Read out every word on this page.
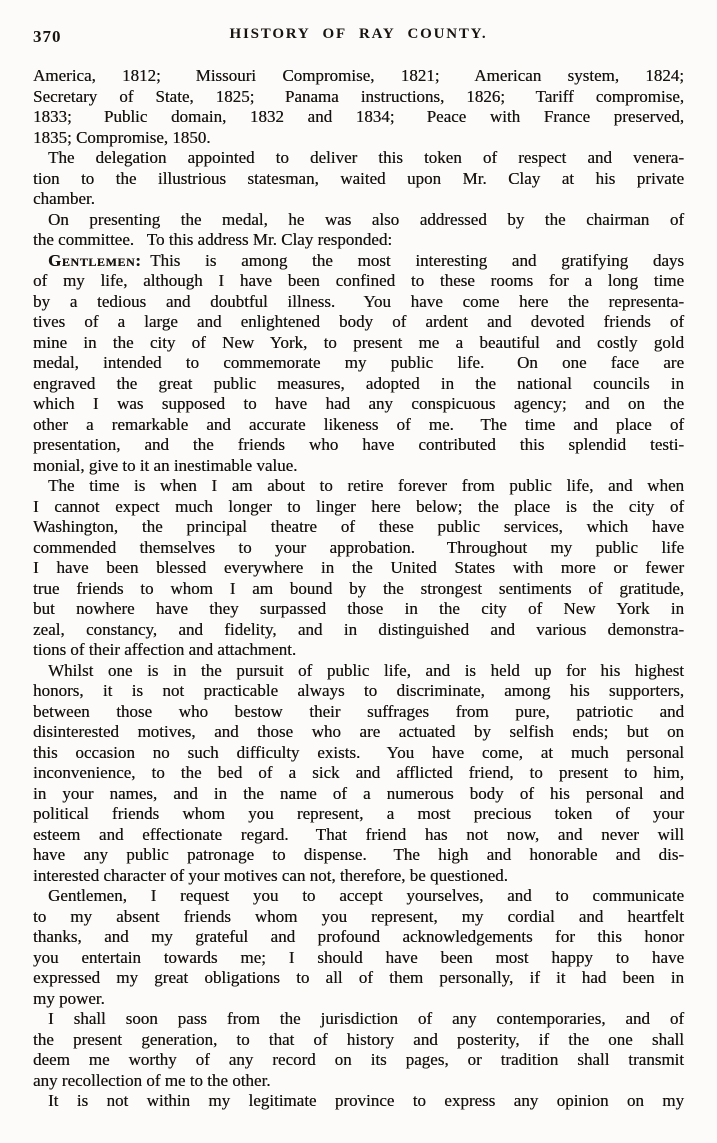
370	HISTORY OF RAY COUNTY.
America, 1812;  Missouri Compromise, 1821;  American system, 1824;
Secretary of State, 1825;  Panama instructions, 1826;  Tariff compromise,
1833;  Public domain, 1832 and 1834;  Peace with France preserved,
1835; Compromise, 1850.
The delegation appointed to deliver this token of respect and venera-
tion to the illustrious statesman, waited upon Mr. Clay at his private
chamber.
On presenting the medal, he was also addressed by the chairman of
the committee.  To this address Mr. Clay responded:
Gentlemen: This is among the most interesting and gratifying days
of my life, although I have been confined to these rooms for a long time
by a tedious and doubtful illness.  You have come here the representa-
tives of a large and enlightened body of ardent and devoted friends of
mine in the city of New York, to present me a beautiful and costly gold
medal, intended to commemorate my public life.  On one face are
engraved the great public measures, adopted in the national councils in
which I was supposed to have had any conspicuous agency; and on the
other a remarkable and accurate likeness of me.  The time and place of
presentation, and the friends who have contributed this splendid testi-
monial, give to it an inestimable value.
The time is when I am about to retire forever from public life, and when
I cannot expect much longer to linger here below; the place is the city of
Washington, the principal theatre of these public services, which have
commended themselves to your approbation.  Throughout my public life
I have been blessed everywhere in the United States with more or fewer
true friends to whom I am bound by the strongest sentiments of gratitude,
but nowhere have they surpassed those in the city of New York in
zeal, constancy, and fidelity, and in distinguished and various demonstra-
tions of their affection and attachment.
Whilst one is in the pursuit of public life, and is held up for his highest
honors, it is not practicable always to discriminate, among his supporters,
between those who bestow their suffrages from pure, patriotic and
disinterested motives, and those who are actuated by selfish ends; but on
this occasion no such difficulty exists.  You have come, at much personal
inconvenience, to the bed of a sick and afflicted friend, to present to him,
in your names, and in the name of a numerous body of his personal and
political friends whom you represent, a most precious token of your
esteem and effectionate regard.  That friend has not now, and never will
have any public patronage to dispense.  The high and honorable and dis-
interested character of your motives can not, therefore, be questioned.
Gentlemen, I request you to accept yourselves, and to communicate
to my absent friends whom you represent, my cordial and heartfelt
thanks, and my grateful and profound acknowledgements for this honor
you entertain towards me; I should have been most happy to have
expressed my great obligations to all of them personally, if it had been in
my power.
I shall soon pass from the jurisdiction of any contemporaries, and of
the present generation, to that of history and posterity, if the one shall
deem me worthy of any record on its pages, or tradition shall transmit
any recollection of me to the other.
It is not within my legitimate province to express any opinion on my
